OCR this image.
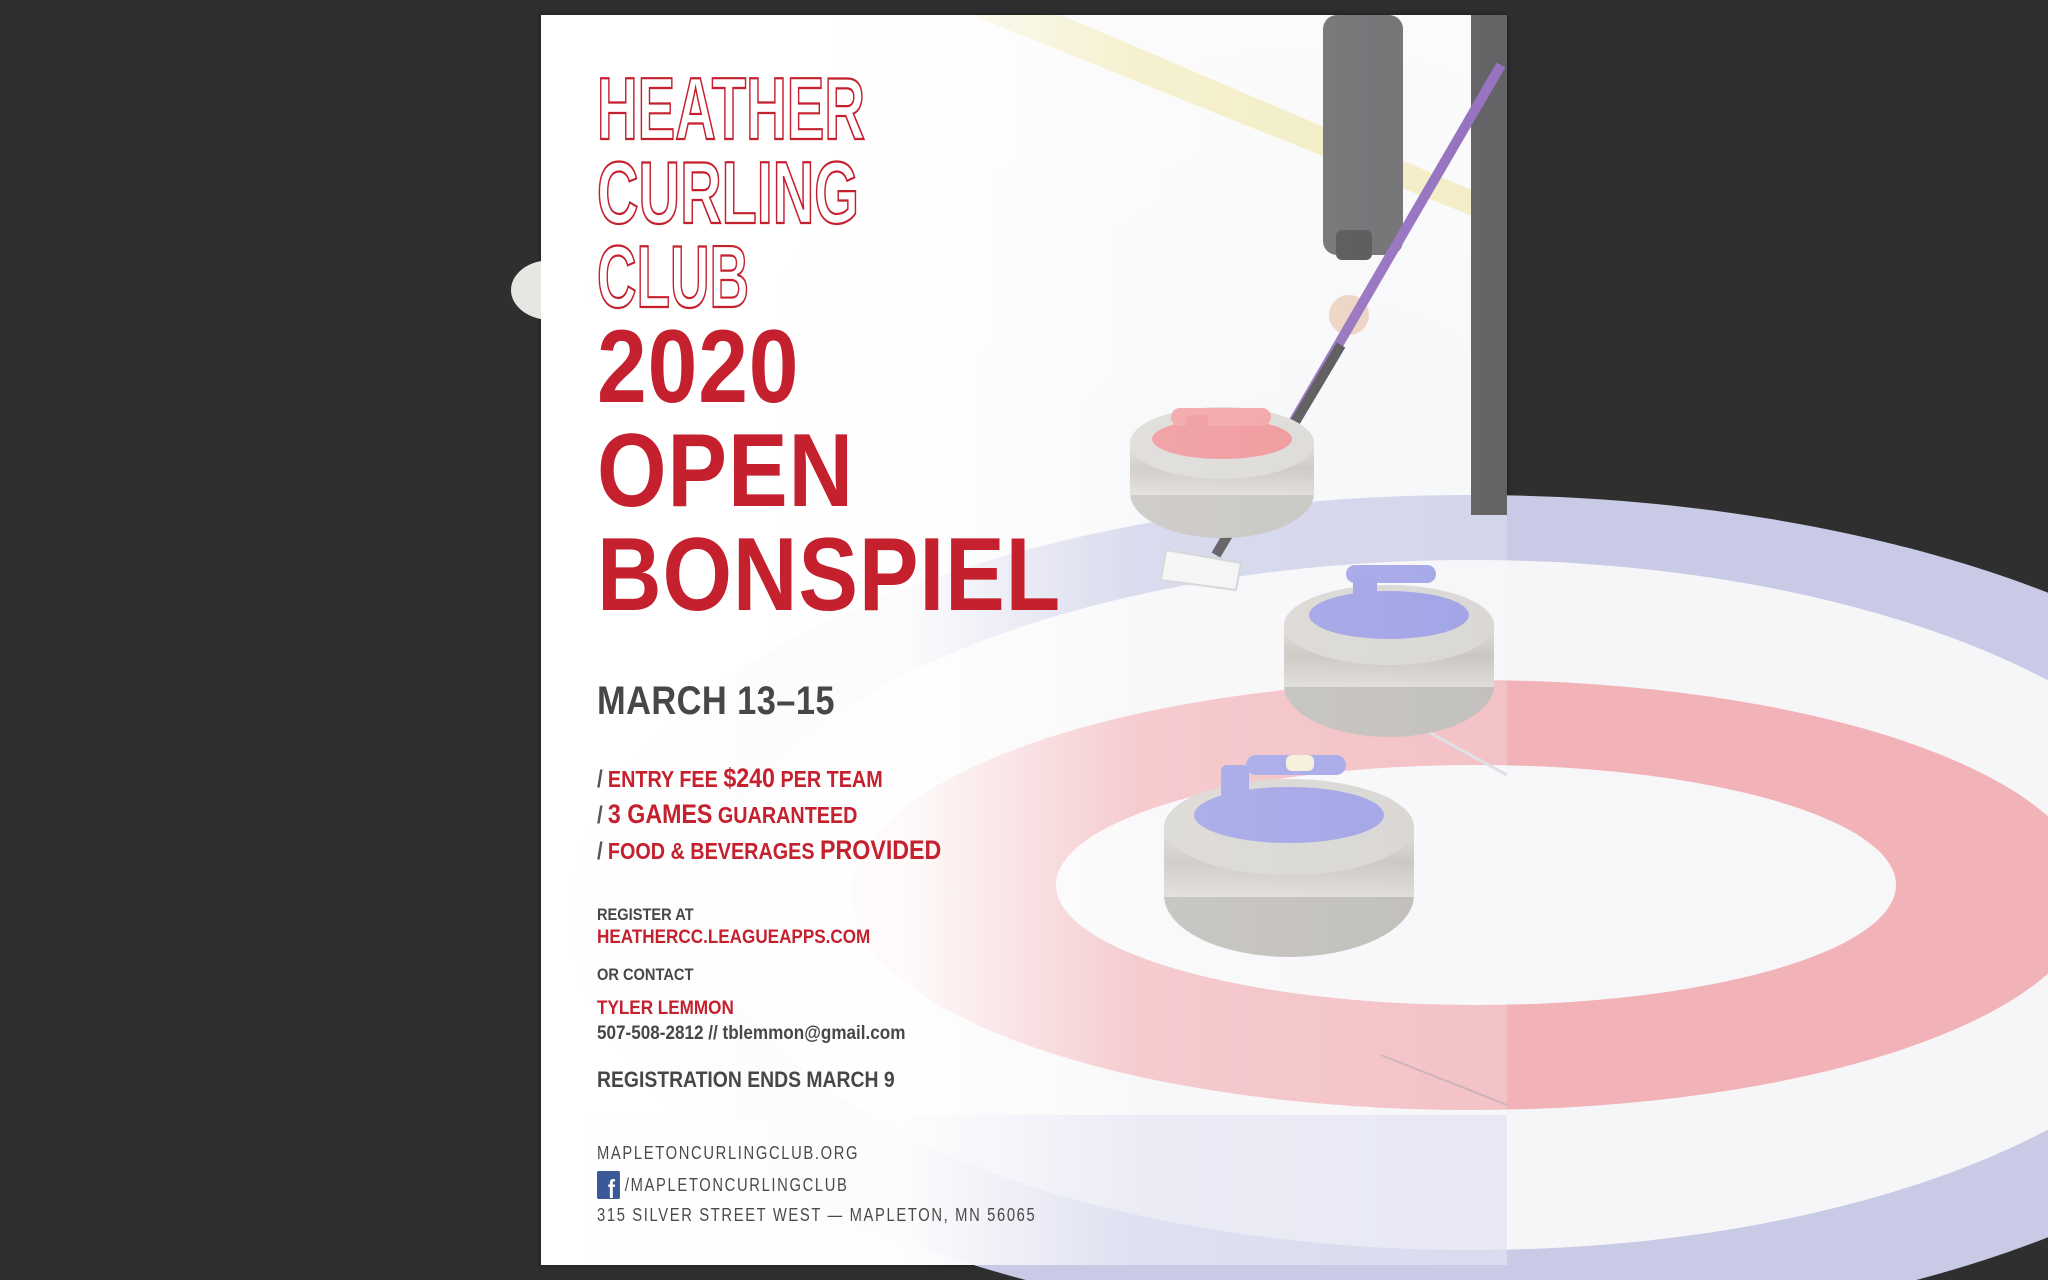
HEATHER
CURLING
CLUB
2020
OPEN
BONSPIEL
MARCH 13–15
/ ENTRY FEE $240 PER TEAM
/ 3 GAMES GUARANTEED
/ FOOD & BEVERAGES PROVIDED
REGISTER AT
HEATHERCC.LEAGUEAPPS.COM
OR CONTACT
TYLER LEMMON
507-508-2812 // tblemmon@gmail.com
REGISTRATION ENDS MARCH 9
MAPLETONCURLINGCLUB.ORG
f /MAPLETONCURLINGCLUB
315 SILVER STREET WEST — MAPLETON, MN 56065
